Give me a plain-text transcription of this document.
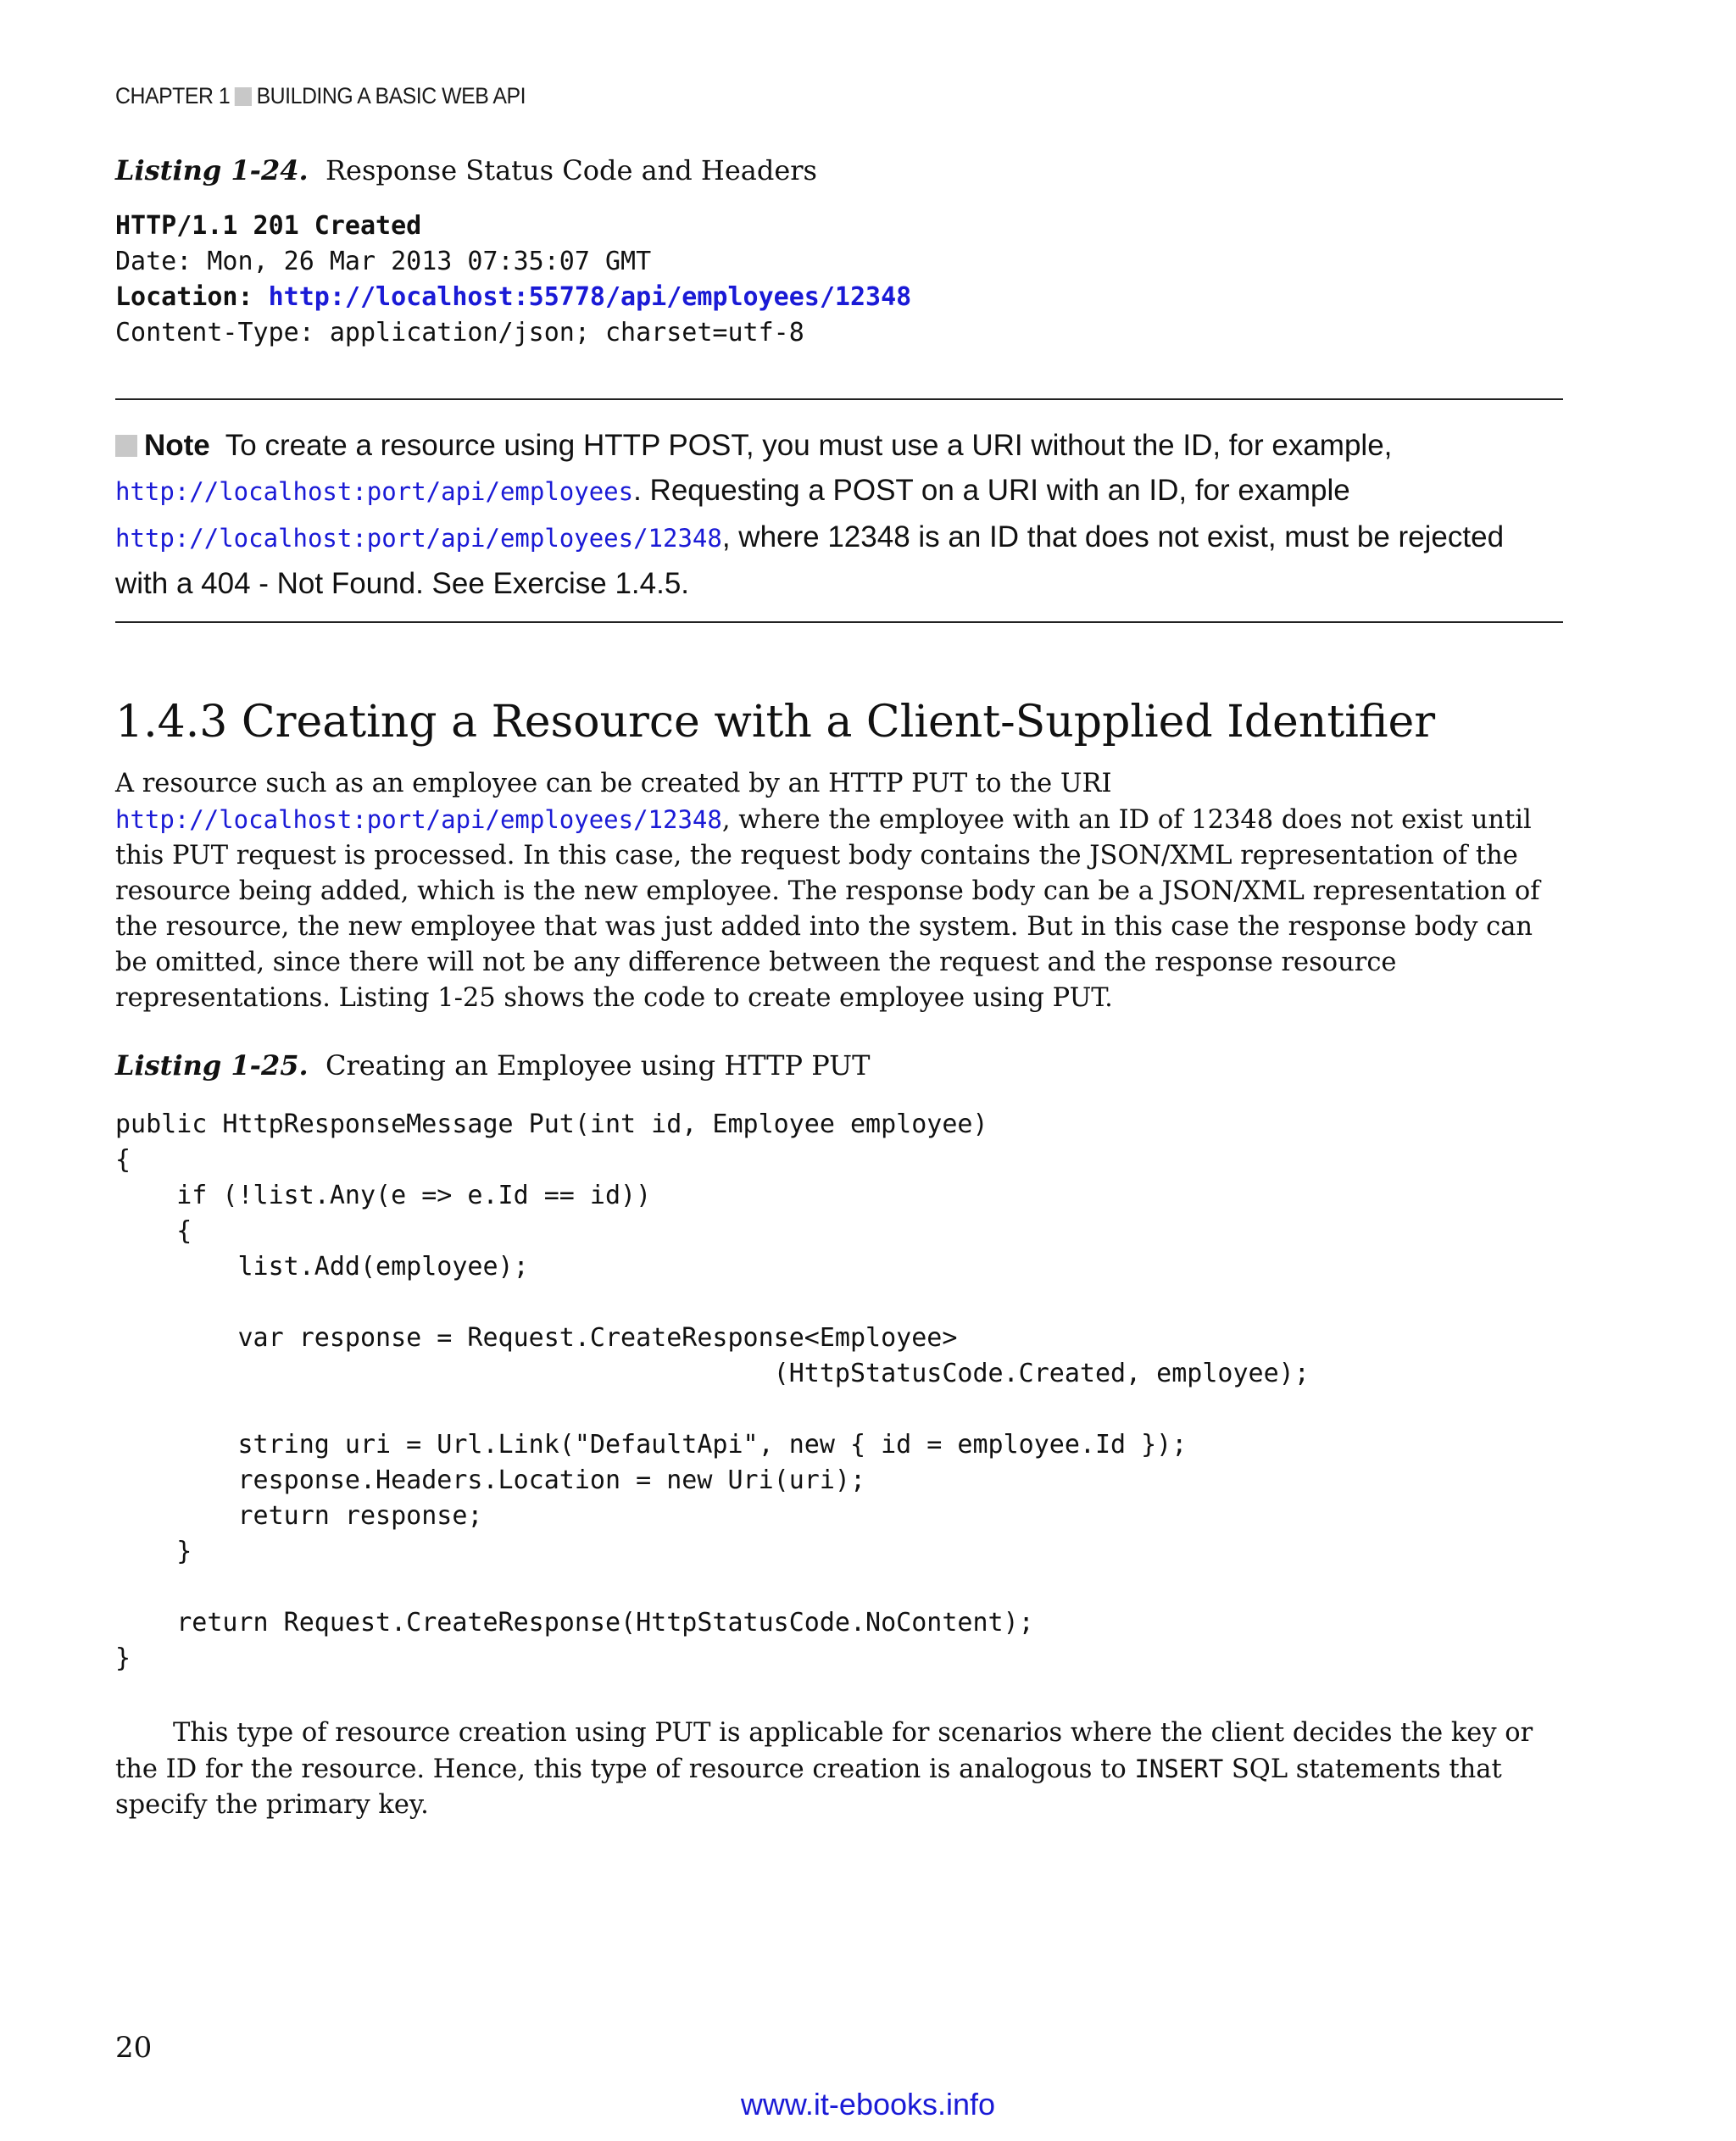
CHAPTER 1 BUILDING A BASIC WEB API
Listing 1-24. Response Status Code and Headers
HTTP/1.1 201 Created
Date: Mon, 26 Mar 2013 07:35:07 GMT
Location: http://localhost:55778/api/employees/12348
Content-Type: application/json; charset=utf-8
Note To create a resource using HTTP POST, you must use a URI without the ID, for example,
http://localhost:port/api/employees. Requesting a POST on a URI with an ID, for example
http://localhost:port/api/employees/12348, where 12348 is an ID that does not exist, must be rejected with a 404 - Not Found. See Exercise 1.4.5.
1.4.3 Creating a Resource with a Client-Supplied Identifier
A resource such as an employee can be created by an HTTP PUT to the URI http://localhost:port/api/employees/12348, where the employee with an ID of 12348 does not exist until this PUT request is processed. In this case, the request body contains the JSON/XML representation of the resource being added, which is the new employee. The response body can be a JSON/XML representation of the resource, the new employee that was just added into the system. But in this case the response body can be omitted, since there will not be any difference between the request and the response resource representations. Listing 1-25 shows the code to create employee using PUT.
Listing 1-25. Creating an Employee using HTTP PUT
public HttpResponseMessage Put(int id, Employee employee)
{
if (!list.Any(e => e.Id == id))
{
list.Add(employee);

var response = Request.CreateResponse<Employee>
(HttpStatusCode.Created, employee);

string uri = Url.Link("DefaultApi", new { id = employee.Id });
response.Headers.Location = new Uri(uri);
return response;
}

return Request.CreateResponse(HttpStatusCode.NoContent);
}
This type of resource creation using PUT is applicable for scenarios where the client decides the key or the ID for the resource. Hence, this type of resource creation is analogous to INSERT SQL statements that specify the primary key.
20
www.it-ebooks.info
